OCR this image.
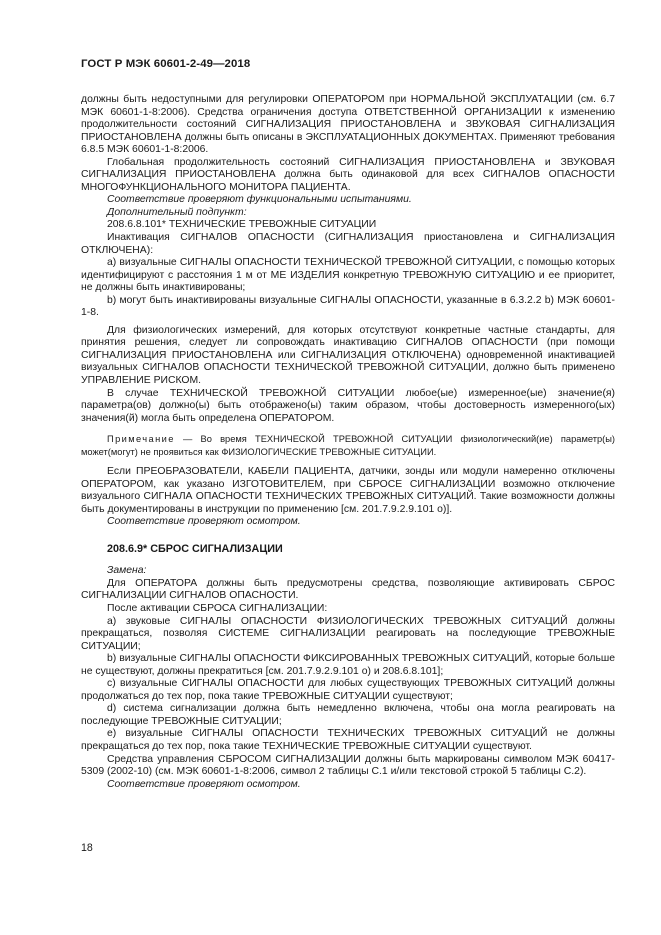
ГОСТ Р МЭК 60601-2-49—2018

должны быть недоступными для регулировки ОПЕРАТОРОМ при НОРМАЛЬНОЙ ЭКСПЛУАТАЦИИ (см. 6.7 МЭК 60601-1-8:2006). Средства ограничения доступа ОТВЕТСТВЕННОЙ ОРГАНИЗАЦИИ к изменению продолжительности состояний СИГНАЛИЗАЦИЯ ПРИОСТАНОВЛЕНА и ЗВУКОВАЯ СИГНАЛИЗАЦИЯ ПРИОСТАНОВЛЕНА должны быть описаны в ЭКСПЛУАТАЦИОННЫХ ДОКУМЕНТАХ. Применяют требования 6.8.5 МЭК 60601-1-8:2006.

Глобальная продолжительность состояний СИГНАЛИЗАЦИЯ ПРИОСТАНОВЛЕНА и ЗВУКОВАЯ СИГНАЛИЗАЦИЯ ПРИОСТАНОВЛЕНА должна быть одинаковой для всех СИГНАЛОВ ОПАСНОСТИ МНОГОФУНКЦИОНАЛЬНОГО МОНИТОРА ПАЦИЕНТА.

Соответствие проверяют функциональными испытаниями.

Дополнительный подпункт:

208.6.8.101* ТЕХНИЧЕСКИЕ ТРЕВОЖНЫЕ СИТУАЦИИ

Инактивация СИГНАЛОВ ОПАСНОСТИ (СИГНАЛИЗАЦИЯ приостановлена и СИГНАЛИЗАЦИЯ ОТКЛЮЧЕНА):

а) визуальные СИГНАЛЫ ОПАСНОСТИ ТЕХНИЧЕСКОЙ ТРЕВОЖНОЙ СИТУАЦИИ, с помощью которых идентифицируют с расстояния 1 м от МЕ ИЗДЕЛИЯ конкретную ТРЕВОЖНУЮ СИТУАЦИЮ и ее приоритет, не должны быть инактивированы;

b) могут быть инактивированы визуальные СИГНАЛЫ ОПАСНОСТИ, указанные в 6.3.2.2 b) МЭК 60601-1-8.

Для физиологических измерений, для которых отсутствуют конкретные частные стандарты, для принятия решения, следует ли сопровождать инактивацию СИГНАЛОВ ОПАСНОСТИ (при помощи СИГНАЛИЗАЦИЯ ПРИОСТАНОВЛЕНА или СИГНАЛИЗАЦИЯ ОТКЛЮЧЕНА) одновременной инактивацией визуальных СИГНАЛОВ ОПАСНОСТИ ТЕХНИЧЕСКОЙ ТРЕВОЖНОЙ СИТУАЦИИ, должно быть применено УПРАВЛЕНИЕ РИСКОМ.

В случае ТЕХНИЧЕСКОЙ ТРЕВОЖНОЙ СИТУАЦИИ любое(ые) измеренное(ые) значение(я) параметра(ов) должно(ы) быть отображено(ы) таким образом, чтобы достоверность измеренного(ых) значения(й) могла быть определена ОПЕРАТОРОМ.

Примечание — Во время ТЕХНИЧЕСКОЙ ТРЕВОЖНОЙ СИТУАЦИИ физиологический(ие) параметр(ы) может(могут) не проявиться как ФИЗИОЛОГИЧЕСКИЕ ТРЕВОЖНЫЕ СИТУАЦИИ.

Если ПРЕОБРАЗОВАТЕЛИ, КАБЕЛИ ПАЦИЕНТА, датчики, зонды или модули намеренно отключены ОПЕРАТОРОМ, как указано ИЗГОТОВИТЕЛЕМ, при СБРОСЕ СИГНАЛИЗАЦИИ возможно отключение визуального СИГНАЛА ОПАСНОСТИ ТЕХНИЧЕСКИХ ТРЕВОЖНЫХ СИТУАЦИЙ. Такие возможности должны быть документированы в инструкции по применению [см. 201.7.9.2.9.101 о)].

Соответствие проверяют осмотром.

208.6.9* СБРОС СИГНАЛИЗАЦИИ

Замена:

Для ОПЕРАТОРА должны быть предусмотрены средства, позволяющие активировать СБРОС СИГНАЛИЗАЦИИ СИГНАЛОВ ОПАСНОСТИ.

После активации СБРОСА СИГНАЛИЗАЦИИ:

а) звуковые СИГНАЛЫ ОПАСНОСТИ ФИЗИОЛОГИЧЕСКИХ ТРЕВОЖНЫХ СИТУАЦИЙ должны прекращаться, позволяя СИСТЕМЕ СИГНАЛИЗАЦИИ реагировать на последующие ТРЕВОЖНЫЕ СИТУАЦИИ;

b) визуальные СИГНАЛЫ ОПАСНОСТИ ФИКСИРОВАННЫХ ТРЕВОЖНЫХ СИТУАЦИЙ, которые больше не существуют, должны прекратиться [см. 201.7.9.2.9.101 о) и 208.6.8.101];

с) визуальные СИГНАЛЫ ОПАСНОСТИ для любых существующих ТРЕВОЖНЫХ СИТУАЦИЙ должны продолжаться до тех пор, пока такие ТРЕВОЖНЫЕ СИТУАЦИИ существуют;

d) система сигнализации должна быть немедленно включена, чтобы она могла реагировать на последующие ТРЕВОЖНЫЕ СИТУАЦИИ;

е) визуальные СИГНАЛЫ ОПАСНОСТИ ТЕХНИЧЕСКИХ ТРЕВОЖНЫХ СИТУАЦИЙ не должны прекращаться до тех пор, пока такие ТЕХНИЧЕСКИЕ ТРЕВОЖНЫЕ СИТУАЦИИ существуют.

Средства управления СБРОСОМ СИГНАЛИЗАЦИИ должны быть маркированы символом МЭК 60417-5309 (2002-10) (см. МЭК 60601-1-8:2006, символ 2 таблицы С.1 и/или текстовой строкой 5 таблицы С.2).

Соответствие проверяют осмотром.

18
